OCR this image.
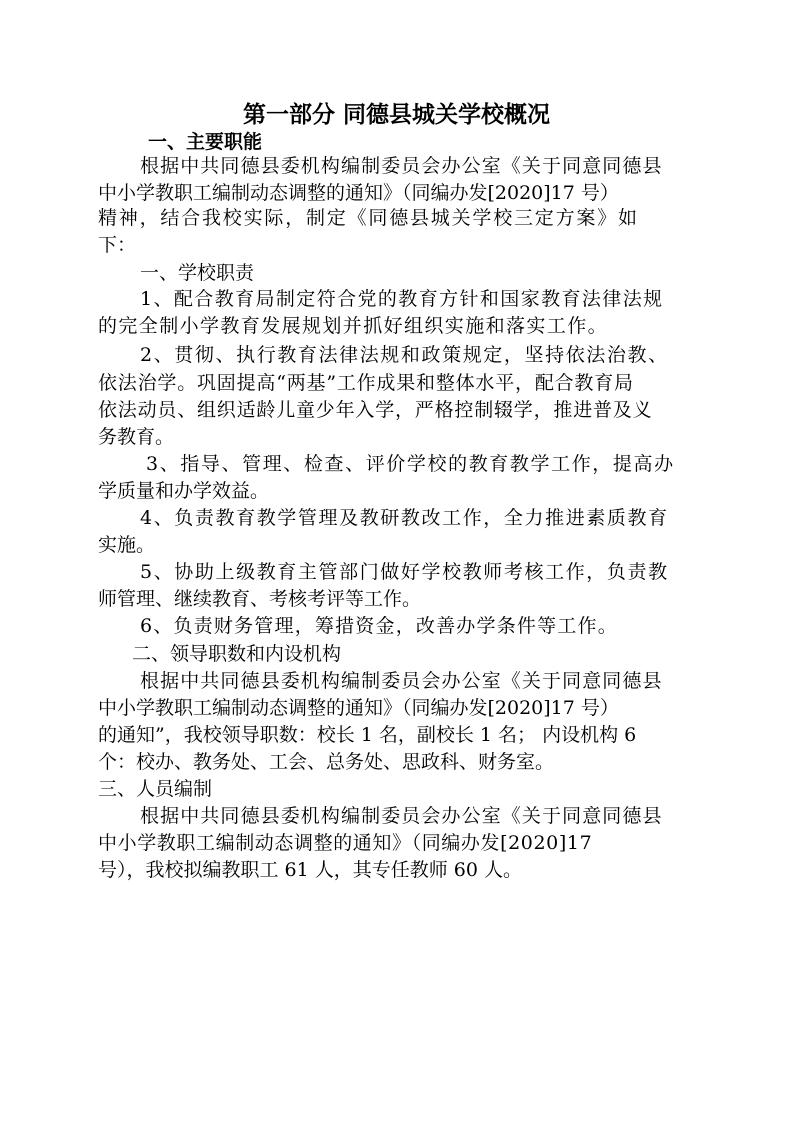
第一部分 同德县城关学校概况
一、主要职能
根据中共同德县委机构编制委员会办公室《关于同意同德县
中小学教职工编制动态调整的通知》（同编办发[2020]17 号）
精神，结合我校实际，制定《同德县城关学校三定方案》如
下：
一、学校职责
1、配合教育局制定符合党的教育方针和国家教育法律法规
的完全制小学教育发展规划并抓好组织实施和落实工作。
2、贯彻、执行教育法律法规和政策规定，坚持依法治教、
依法治学。巩固提高“两基”工作成果和整体水平，配合教育局
依法动员、组织适龄儿童少年入学，严格控制辍学，推进普及义
务教育。
3、指导、管理、检查、评价学校的教育教学工作，提高办
学质量和办学效益。
4、负责教育教学管理及教研教改工作，全力推进素质教育
实施。
5、协助上级教育主管部门做好学校教师考核工作，负责教
师管理、继续教育、考核考评等工作。
6、负责财务管理，筹措资金，改善办学条件等工作。
二、领导职数和内设机构
根据中共同德县委机构编制委员会办公室《关于同意同德县
中小学教职工编制动态调整的通知》（同编办发[2020]17 号）
的通知”，我校领导职数：校长 1 名，副校长 1 名； 内设机构 6
个：校办、教务处、工会、总务处、思政科、财务室。
三、人员编制
根据中共同德县委机构编制委员会办公室《关于同意同德县
中小学教职工编制动态调整的通知》（同编办发[2020]17
号），我校拟编教职工 61 人，其专任教师 60 人。
